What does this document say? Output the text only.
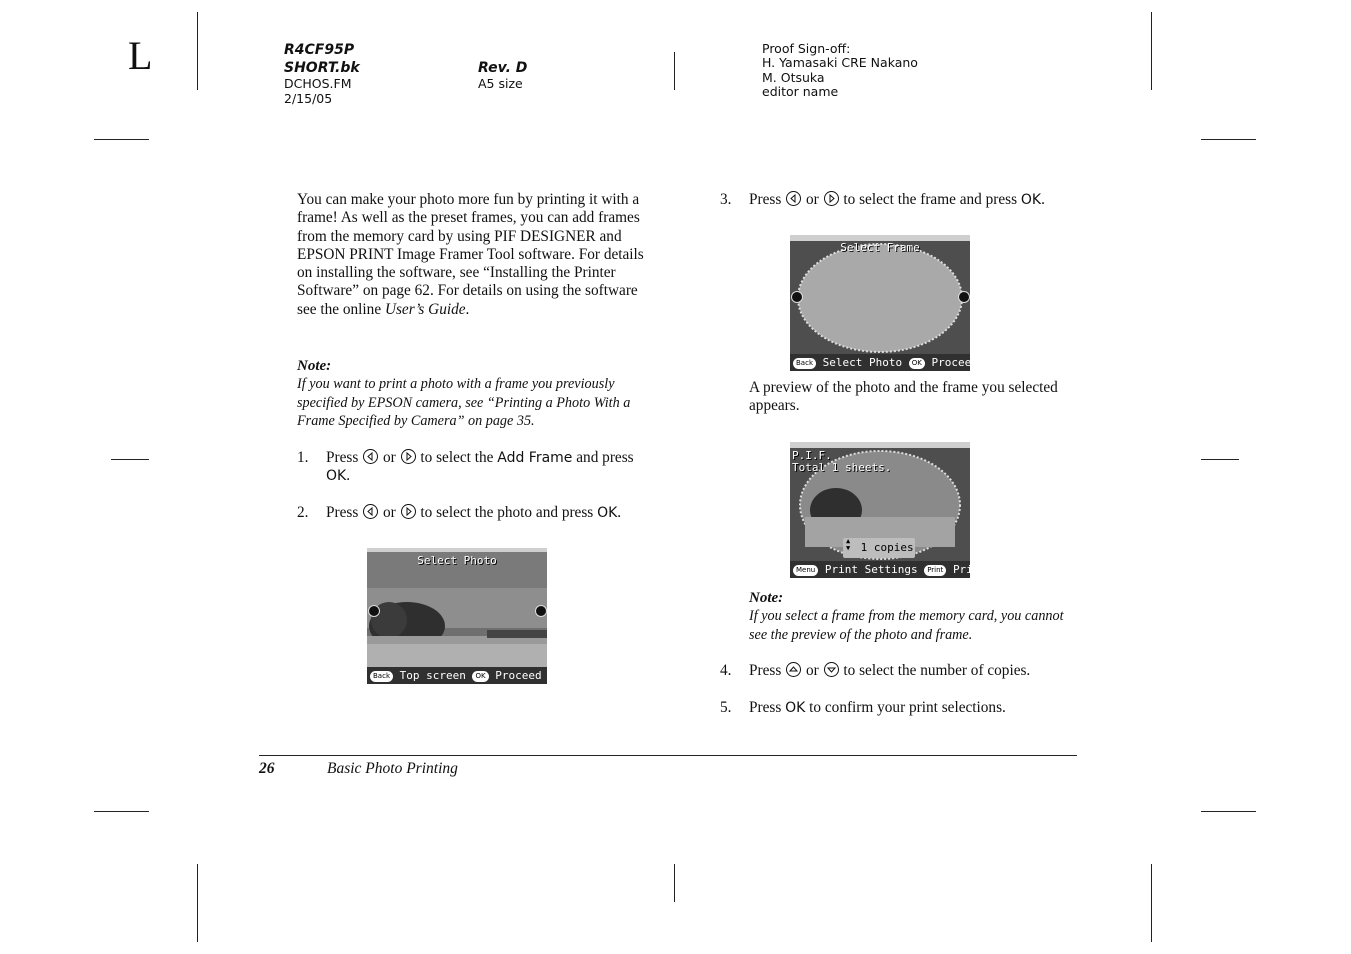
L	R4CF95P
SHORT.bk
DCHOS.FM
2/15/05
Rev. D
A5 size
Proof Sign-off:
H. Yamasaki CRE Nakano
M. Otsuka
editor name
You can make your photo more fun by printing it with a frame! As well as the preset frames, you can add frames from the memory card by using PIF DESIGNER and EPSON PRINT Image Framer Tool software. For details on installing the software, see “Installing the Printer Software” on page 62. For details on using the software see the online User’s Guide.
Note:
If you want to print a photo with a frame you previously specified by EPSON camera, see “Printing a Photo With a Frame Specified by Camera” on page 35.
1. Press or to select the Add Frame and press
OK.
2. Press or to select the photo and press OK.
Select Photo
Back Top screen OK Proceed
3. Press or to select the frame and press OK.
Select Frame
Back Select Photo OK Proceed
A preview of the photo and the frame you selected appears.
P.I.F.
Total 1 sheets.
▲
▼ 1 copies
Menu Print Settings Print Print
Note:
If you select a frame from the memory card, you cannot see the preview of the photo and frame.
4. Press or to select the number of copies.
5. Press OK to confirm your print selections.
26	Basic Photo Printing
